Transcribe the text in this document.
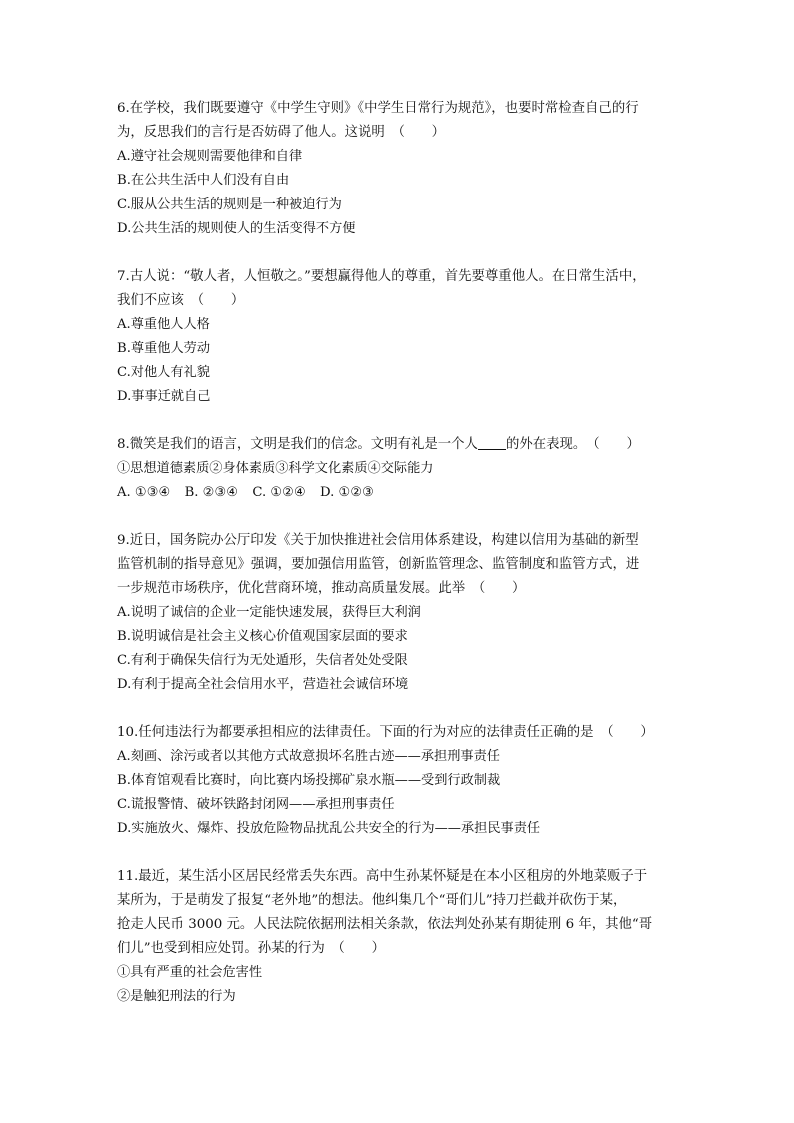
6.在学校，我们既要遵守《中学生守则》《中学生日常行为规范》，也要时常检查自己的行
为，反思我们的言行是否妨碍了他人。这说明　（　　）
A.遵守社会规则需要他律和自律
B.在公共生活中人们没有自由
C.服从公共生活的规则是一种被迫行为
D.公共生活的规则使人的生活变得不方便
7.古人说：“敬人者，人恒敬之。”要想赢得他人的尊重，首先要尊重他人。在日常生活中，
我们不应该　（　　）
A.尊重他人人格
B.尊重他人劳动
C.对他人有礼貌
D.事事迁就自己
8.微笑是我们的语言，文明是我们的信念。文明有礼是一个人 的外在表现。　（　　）
①思想道德素质②身体素质③科学文化素质④交际能力
A. ①③④ B. ②③④ C. ①②④ D. ①②③
9.近日，国务院办公厅印发《关于加快推进社会信用体系建设，构建以信用为基础的新型
监管机制的指导意见》强调，要加强信用监管，创新监管理念、监管制度和监管方式，进
一步规范市场秩序，优化营商环境，推动高质量发展。此举　（　　）
A.说明了诚信的企业一定能快速发展，获得巨大利润
B.说明诚信是社会主义核心价值观国家层面的要求
C.有利于确保失信行为无处遁形，失信者处处受限
D.有利于提高全社会信用水平，营造社会诚信环境
10.任何违法行为都要承担相应的法律责任。下面的行为对应的法律责任正确的是　（　　）
A.刻画、涂污或者以其他方式故意损坏名胜古迹——承担刑事责任
B.体育馆观看比赛时，向比赛内场投掷矿泉水瓶——受到行政制裁
C.谎报警情、破坏铁路封闭网——承担刑事责任
D.实施放火、爆炸、投放危险物品扰乱公共安全的行为——承担民事责任
11.最近，某生活小区居民经常丢失东西。高中生孙某怀疑是在本小区租房的外地菜贩子于
某所为，于是萌发了报复“老外地”的想法。他纠集几个“哥们儿”持刀拦截并砍伤于某，
抢走人民币 3000 元。人民法院依据刑法相关条款，依法判处孙某有期徒刑 6 年，其他“哥
们儿”也受到相应处罚。孙某的行为　（　　）
①具有严重的社会危害性
②是触犯刑法的行为
